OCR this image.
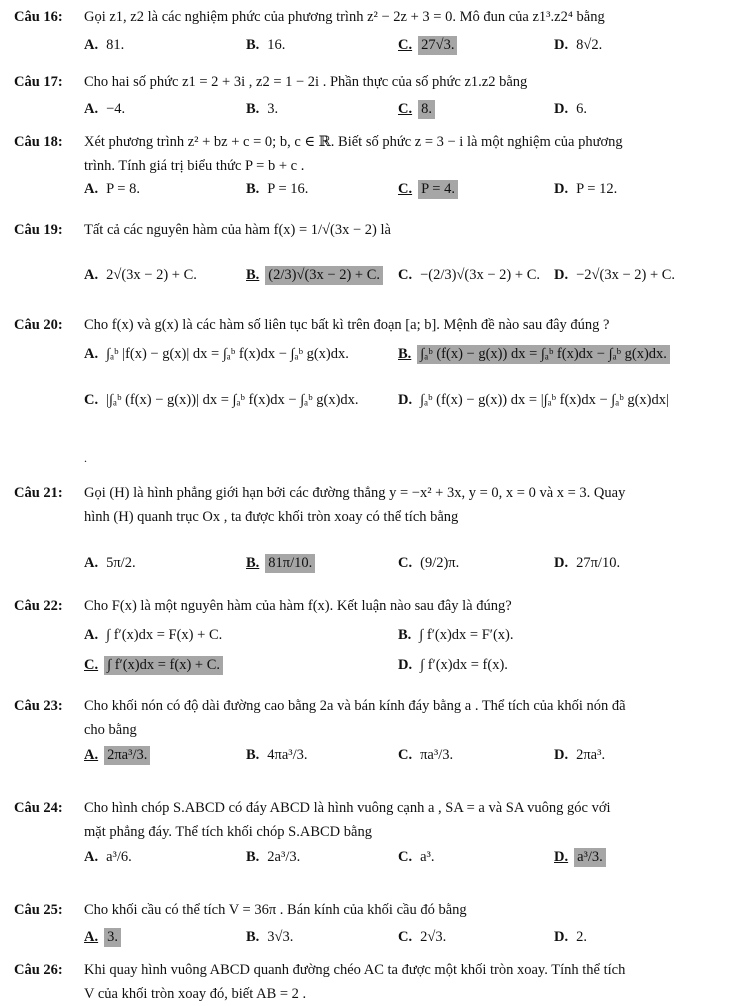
Câu 16:	Gọi z1, z2 là các nghiệm phức của phương trình z² − 2z + 3 = 0. Mô đun của z1³.z2⁴ bằng
A. 81.	B. 16.	C. 27√3.	D. 8√2.
Câu 17:	Cho hai số phức z1 = 2 + 3i , z2 = 1 − 2i . Phần thực của số phức z1.z2 bằng
A. −4.	B. 3.	C. 8.	D. 6.
Câu 18:	Xét phương trình z² + bz + c = 0; b, c ∈ ℝ. Biết số phức z = 3 − i là một nghiệm của phương
trình. Tính giá trị biểu thức P = b + c .
A. P = 8.	B. P = 16.	C. P = 4.	D. P = 12.
Câu 19:	Tất cả các nguyên hàm của hàm f(x) = 1/√(3x − 2) là
A. 2√(3x − 2) + C.	B. (2/3)√(3x − 2) + C. C. −(2/3)√(3x − 2) + C. D. −2√(3x − 2) + C.
Câu 20:	Cho f(x) và g(x) là các hàm số liên tục bất kì trên đoạn [a; b]. Mệnh đề nào sau đây đúng ?
A. ∫ₐᵇ |f(x) − g(x)| dx = ∫ₐᵇ f(x)dx − ∫ₐᵇ g(x)dx.	B. ∫ₐᵇ (f(x) − g(x)) dx = ∫ₐᵇ f(x)dx − ∫ₐᵇ g(x)dx.
C. |∫ₐᵇ (f(x) − g(x))| dx = ∫ₐᵇ f(x)dx − ∫ₐᵇ g(x)dx.	D. ∫ₐᵇ (f(x) − g(x)) dx = |∫ₐᵇ f(x)dx − ∫ₐᵇ g(x)dx|
.
Câu 21:	Gọi (H) là hình phẳng giới hạn bởi các đường thẳng y = −x² + 3x, y = 0, x = 0 và x = 3. Quay
hình (H) quanh trục Ox , ta được khối tròn xoay có thể tích bằng
A. 5π/2.	B. 81π/10.	C. (9/2)π.	D. 27π/10.
Câu 22:	Cho F(x) là một nguyên hàm của hàm f(x). Kết luận nào sau đây là đúng?
A. ∫ f′(x)dx = F(x) + C.	B. ∫ f′(x)dx = F′(x).
C. ∫ f′(x)dx = f(x) + C.	D. ∫ f′(x)dx = f(x).
Câu 23:	Cho khối nón có độ dài đường cao bằng 2a và bán kính đáy bằng a . Thể tích của khối nón đã
cho bằng
A. 2πa³/3.	B. 4πa³/3.	C. πa³/3.	D. 2πa³.
Câu 24:	Cho hình chóp S.ABCD có đáy ABCD là hình vuông cạnh a , SA = a và SA vuông góc với
mặt phẳng đáy. Thể tích khối chóp S.ABCD bằng
A. a³/6.	B. 2a³/3.	C. a³.	D. a³/3.
Câu 25:	Cho khối cầu có thể tích V = 36π . Bán kính của khối cầu đó bằng
A. 3.	B. 3√3.	C. 2√3.	D. 2.
Câu 26:	Khi quay hình vuông ABCD quanh đường chéo AC ta được một khối tròn xoay. Tính thể tích
V của khối tròn xoay đó, biết AB = 2 .
